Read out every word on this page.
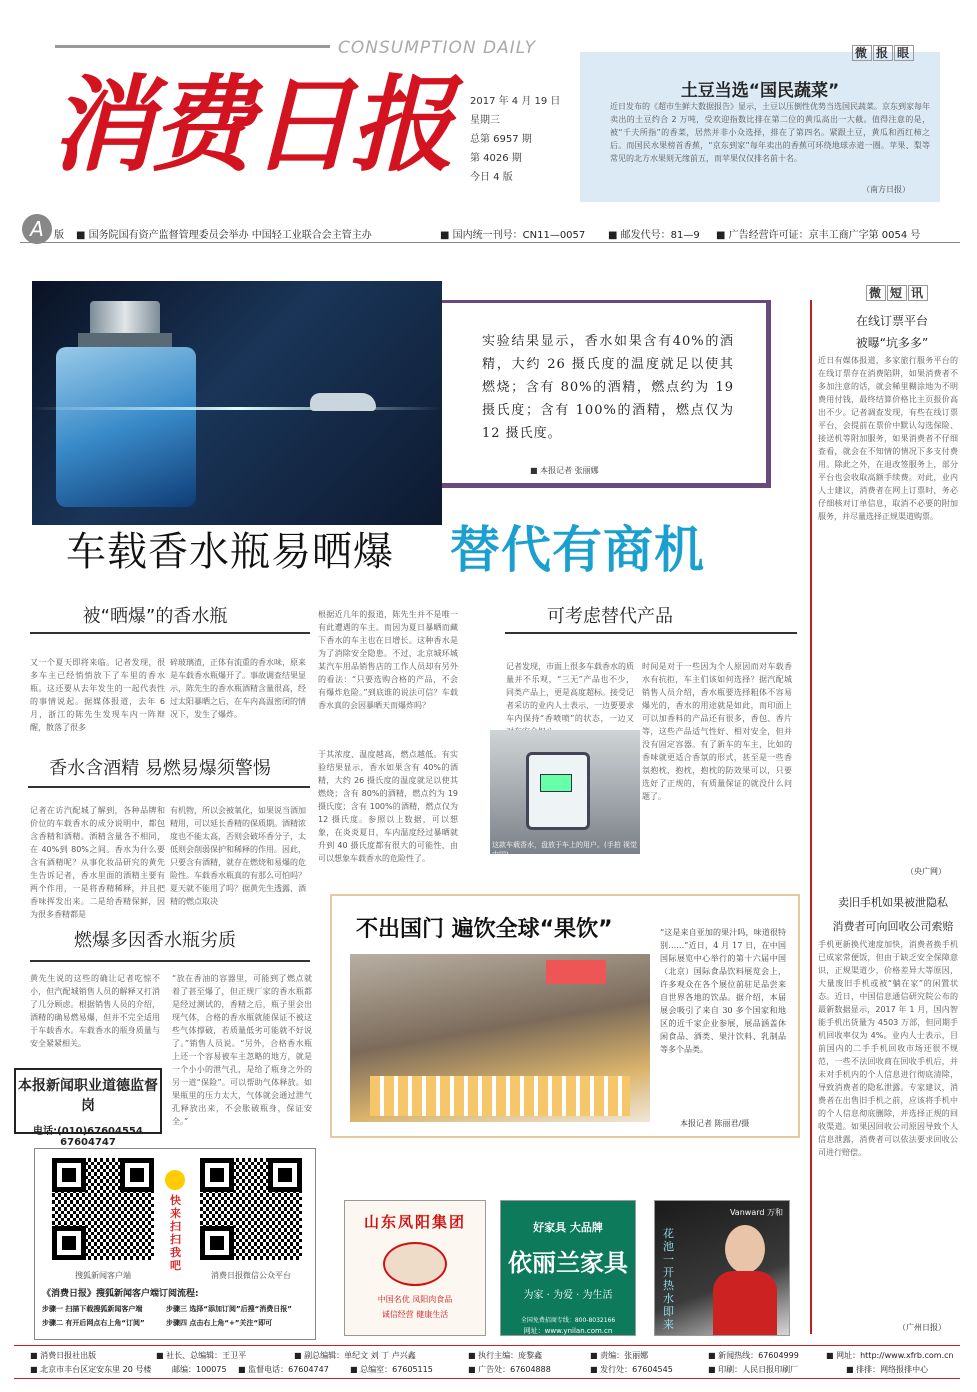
CONSUMPTION DAILY
消费日报 2017 年 4 月 19 日
星期三
总第 6957 期
第 4026 期
今日 4 版
微 报 眼
土豆当选“国民蔬菜”
近日发布的《超市生鲜大数据报告》显示，土豆以压倒性优势当选国民蔬菜。京东到家每年卖出的土豆约合 2 万吨，受欢迎指数比排在第二位的黄瓜高出一大截。值得注意的是，被“千夫所指”的香菜，居然并非小众选择，排在了第四名。紧跟土豆，黄瓜和西红柿之后。而国民水果榜首香蕉，“京东到家”每年卖出的香蕉可环绕地球赤道一圈。苹果、梨等常见的北方水果则无缘前五，而苹果仅仅排名前十名。
（南方日报）
A	版 ■ 国务院国有资产监督管理委员会举办 中国轻工业联合会主管主办	■ 国内统一刊号：CN11—0057 ■ 邮发代号：81—9 ■ 广告经营许可证：京丰工商广字第 0054 号
实验结果显示，香水如果含有40%的酒精，大约 26 摄氏度的温度就足以使其燃烧；含有 80%的酒精，燃点约为 19 摄氏度；含有 100%的酒精，燃点仅为 12 摄氏度。
■ 本报记者 张丽娜
车载香水瓶易晒爆 替代有商机
被“晒爆”的香水瓶	可考虑替代产品
又一个夏天即将来临。记者发现，很多车主已经悄悄放下了车里的香水瓶。这还要从去年发生的一起代表性的事情说起。据媒体报道，去年 6 月，浙江的陈先生发现车内一阵辩醒，散落了很多
碎玻璃渣，正体有流重的香水味，原来是车载香水瓶爆开了。事故调查结果显示，陈先生的香水瓶酒精含量很高，经过太阳暴晒之后，在车内高温密闭的情况下，发生了爆炸。
根据近几年的报道，陈先生并不是唯一有此遭遇的车主。而因为夏日暴晒而藏下香水的车主也在日增长。这种香水是为了消除安全隐患。不过，北京城环城某汽车用品销售店的工作人员却有另外的看法：“只要选购合格的产品，不会有爆炸危险。”到底谁的说法可信？车载香水真的会因暴晒天而爆炸吗？
香水含酒精 易燃易爆须警惕
于其浓度、温度越高，燃点越低。有实验结果显示，香水如果含有 40%的酒精，大约 26 摄氏度的温度就足以使其燃烧；含有 80%的酒精，燃点约为 19 摄氏度；含有 100%的酒精，燃点仅为 12 摄氏度。参照以上数据，可以想象，在炎炎夏日，车内温度经过暴晒就升到 40 摄氏度都有很大的可能性，由可以想象车载香水的危险性了。
记者在访汽配城了解到，各种品牌和价位的车载香水的成分说明中，都包含香精和酒精。酒精含量各不相同，在 40%到 80%之间。香水为什么要含有酒精呢？从事化妆品研究的黄先生告诉记者，香水里面的酒精主要有两个作用，一是将香精稀释，并且把香味挥发出来。二是给香精保鲜，因为很多香精都是
有机物，所以会被氧化，如果说当酒加精用，可以延长香精的保质期。酒精浓度也不能太高，否则会破坏香分子，太低则会削弱保护和稀释的作用。因此，只要含有酒精，就存在燃烧和易爆的危险性。车载香水瓶真的有那么可怕吗？夏天就不能用了吗？据黄先生透露，酒精的燃点取决
记者发现，市面上很多车载香水的质量并不乐观，“三无”产品也不少，同类产品上，更是高度超标。接受记者采访的业内人士表示，一边要要求车内保持“香喷喷”的状态，一边又
时间是对于一些因为个人原因而对车载香水有抗拒，车主们该如何选择？据汽配城销售人员介绍，香水瓶要选择粗体不容易爆光的，香水的用途就是如此，而印面上可以加香料的产品还有很多，香包、香片等，这些产品适气性好、相对安全，但并没有固定容器。有了新车的车主，比如的香味就更适合香氛的形式，甚至是一些香氛抱枕，抱枕，抱枕的防效果可以，只要选好了正规的，有质量保证的就没什么问题了。
这款车载香水，盘放于车上的用户。(手拍 视觉中国)
燃爆多因香水瓶劣质
黄先生说的这些的确让记者吃惊不小，但汽配城销售人员的解释又打消了几分顾虑。根据销售人员的介绍，酒精的确易燃易爆，但并不完全适用于车载香水。车载香水的瓶身质量与安全紧紧相关。
“放在香油的容器里，可能到了燃点就着了甚至爆了，但正规厂家的香水瓶都是经过测试的，香精之后，瓶子里会出现气体，合格的香水瓶就能保证不被这些气体撑破，若质量低劣可能就不好说了。”销售人员说。“另外，合格香水瓶上还一个容易被车主忽略的地方，就是一个小小的泄气孔，是给了瓶身之外的另一道“保险”。可以帮助气体释放。如果瓶里的压力太大，气体就会通过泄气孔释放出来，不会胀破瓶身，保证安全。”
本报新闻职业道德监督岗
电话:(010)67604554 67604747
不出国门 遍饮全球“果饮”	“这是来自亚加的果汁吗，味道很特别……”近日，4 月 17 日，在中国国际展览中心举行的第十六届中国（北京）国际食品饮料展览会上，许多观众在各个展位前驻足品尝来自世界各地的饮品。据介绍，本届展会吸引了来自 30 多个国家和地区的近千家企业参展，展品涵盖休闲食品、酒类、果汁饮料、乳制品等多个品类。
本报记者 陈丽君/摄
微 短 讯
在线订票平台
被曝“坑多多”
近日有媒体报道，多家旅行服务平台的在线订票存在消费陷阱，如果消费者不多加注意的话，就会稀里糊涂地为不明费用付钱，最终结算价格比主页报价高出不少。记者调查发现，有些在线订票平台，会提前在票价中默认勾选保险、接送机等附加服务，如果消费者不仔细查看，就会在不知情的情况下多支付费用。除此之外，在退改签服务上，部分平台也会收取高额手续费。对此，业内人士建议，消费者在网上订票时，务必仔细核对订单信息，取消不必要的附加服务，并尽量选择正规渠道购票。
（央广网）
卖旧手机如果被泄隐私
消费者可向回收公司索赔
手机更新换代速度加快，消费者换手机已成家常便饭，但由于缺乏安全保障意识，正规渠道少，价格差异大等原因，大量废旧手机或被“躺在家”的闲置状态。近日，中国信息通信研究院公布的最新数据显示，2017 年 1 月，国内智能手机出货量为 4503 万部，但同期手机回收率仅为 4%。业内人士表示，目前国内的二手手机回收市场还很不规范，一些不法回收商在回收手机后，并未对手机内的个人信息进行彻底清除，导致消费者的隐私泄露。专家建议，消费者在出售旧手机之前，应该将手机中的个人信息彻底删除，并选择正规的回收渠道。如果因回收公司原因导致个人信息泄露，消费者可以依法要求回收公司进行赔偿。
（广州日报）
快来扫扫我吧
搜狐新闻客户端	消费日报微信公众平台
《消费日报》搜狐新闻客户端订阅流程:
步骤一 扫描下载搜狐新闻客户端
步骤二 有开后网点右上角“订阅”
步骤三 选择“添加订阅”后搜“消费日报”
步骤四 点击右上角“+”关注“即可
山东凤阳集团
中国名优 凤阳肉食品
诚信经营 健康生活
好家具 大品牌
依丽兰家具
为家 · 为爱 · 为生活
全国免费招商专线：800-8032166
网址：www.ynilan.com.cn
Vanward 万和
花池一开 热水即来
■ 消费日报社出版	■ 社长、总编辑：王卫平	■ 副总编辑：单纪文 刘 丁 卢兴鑫	■ 执行主编：庞黎鑫	■ 责编：张丽娜	■ 新闻热线：67604999	■ 网址：http://www.xfrb.com.cn
■ 北京市丰台区定安东里 20 号楼	邮编：100075 ■ 监督电话：67604747	■ 总编室：67605115	■ 广告处：67604888	■ 发行处：67604545	■ 印刷：人民日报印刷厂	■ 排排：网络报排中心
